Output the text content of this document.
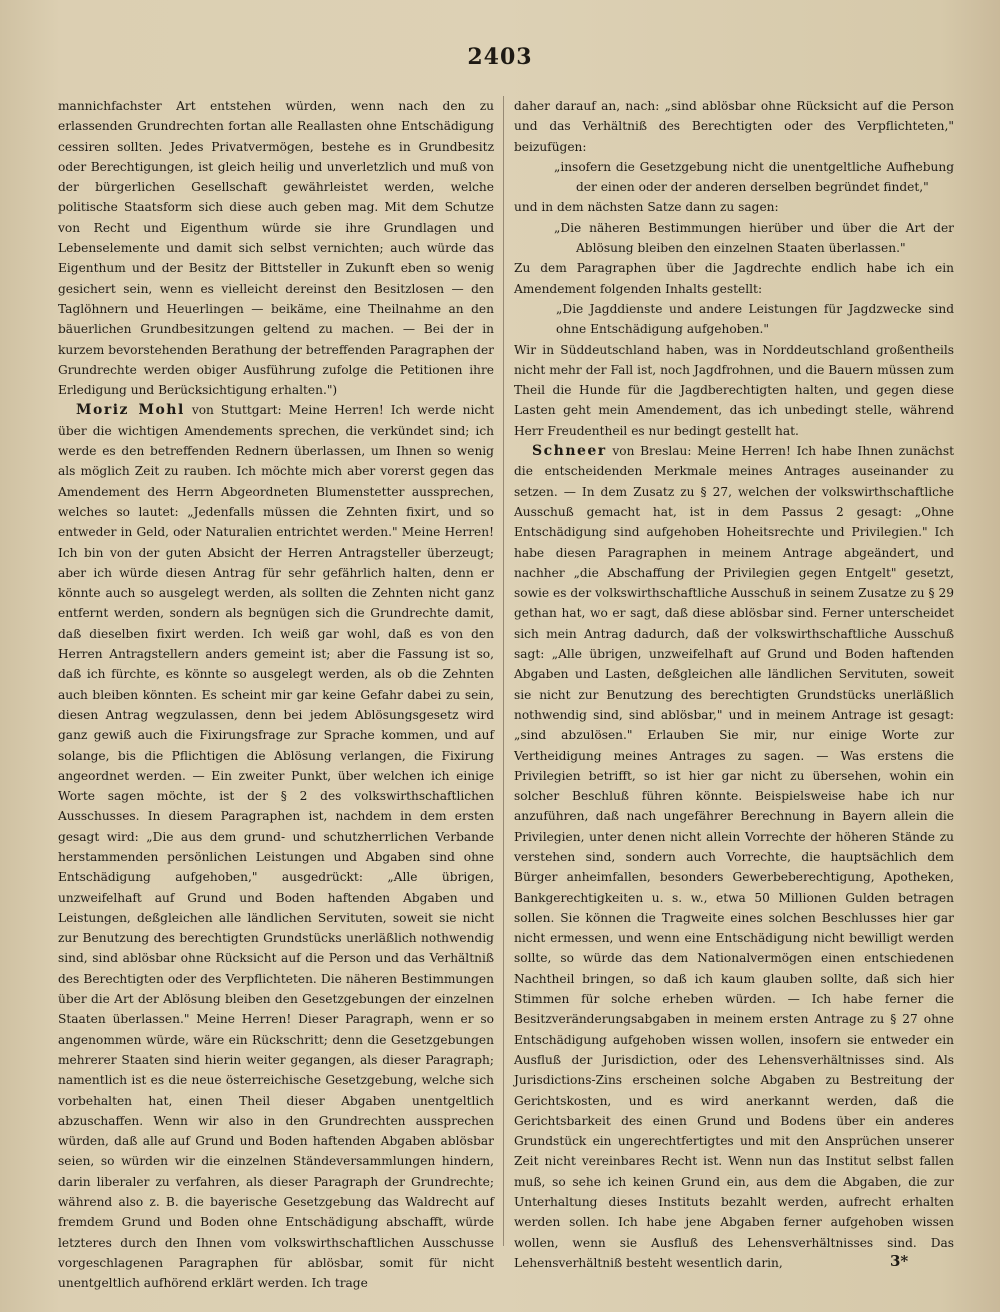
2403

mannichfachster Art entstehen würden, wenn nach den zu erlassenden Grundrechten fortan alle Reallasten ohne Entschädigung cessiren sollten. Jedes Privatvermögen, bestehe es in Grundbesitz oder Berechtigungen, ist gleich heilig und unverletzlich und muß von der bürgerlichen Gesellschaft gewährleistet werden, welche politische Staatsform sich diese auch geben mag. Mit dem Schutze von Recht und Eigenthum würde sie ihre Grundlagen und Lebenselemente und damit sich selbst vernichten; auch würde das Eigenthum und der Besitz der Bittsteller in Zukunft eben so wenig gesichert sein, wenn es vielleicht dereinst den Besitzlosen — den Taglöhnern und Heuerlingen — beikäme, eine Theilnahme an den bäuerlichen Grundbesitzungen geltend zu machen. — Bei der in kurzem bevorstehenden Berathung der betreffenden Paragraphen der Grundrechte werden obiger Ausführung zufolge die Petitionen ihre Erledigung und Berücksichtigung erhalten.")

Moriz Mohl von Stuttgart: Meine Herren! Ich werde nicht über die wichtigen Amendements sprechen, die verkündet sind; ich werde es den betreffenden Rednern überlassen, um Ihnen so wenig als möglich Zeit zu rauben. Ich möchte mich aber vorerst gegen das Amendement des Herrn Abgeordneten Blumenstetter aussprechen, welches so lautet: „Jedenfalls müssen die Zehnten fixirt, und so entweder in Geld, oder Naturalien entrichtet werden." Meine Herren! Ich bin von der guten Absicht der Herren Antragsteller überzeugt; aber ich würde diesen Antrag für sehr gefährlich halten, denn er könnte auch so ausgelegt werden, als sollten die Zehnten nicht ganz entfernt werden, sondern als begnügen sich die Grundrechte damit, daß dieselben fixirt werden. Ich weiß gar wohl, daß es von den Herren Antragstellern anders gemeint ist; aber die Fassung ist so, daß ich fürchte, es könnte so ausgelegt werden, als ob die Zehnten auch bleiben könnten. Es scheint mir gar keine Gefahr dabei zu sein, diesen Antrag wegzulassen, denn bei jedem Ablösungsgesetz wird ganz gewiß auch die Fixirungsfrage zur Sprache kommen, und auf solange, bis die Pflichtigen die Ablösung verlangen, die Fixirung angeordnet werden. — Ein zweiter Punkt, über welchen ich einige Worte sagen möchte, ist der § 2 des volkswirthschaftlichen Ausschusses. In diesem Paragraphen ist, nachdem in dem ersten gesagt wird: „Die aus dem grund- und schutzherrlichen Verbande herstammenden persönlichen Leistungen und Abgaben sind ohne Entschädigung aufgehoben," ausgedrückt: „Alle übrigen, unzweifelhaft auf Grund und Boden haftenden Abgaben und Leistungen, deßgleichen alle ländlichen Servituten, soweit sie nicht zur Benutzung des berechtigten Grundstücks unerläßlich nothwendig sind, sind ablösbar ohne Rücksicht auf die Person und das Verhältniß des Berechtigten oder des Verpflichteten. Die näheren Bestimmungen über die Art der Ablösung bleiben den Gesetzgebungen der einzelnen Staaten überlassen." Meine Herren! Dieser Paragraph, wenn er so angenommen würde, wäre ein Rückschritt; denn die Gesetzgebungen mehrerer Staaten sind hierin weiter gegangen, als dieser Paragraph; namentlich ist es die neue österreichische Gesetzgebung, welche sich vorbehalten hat, einen Theil dieser Abgaben unentgeltlich abzuschaffen. Wenn wir also in den Grundrechten aussprechen würden, daß alle auf Grund und Boden haftenden Abgaben ablösbar seien, so würden wir die einzelnen Ständeversammlungen hindern, darin liberaler zu verfahren, als dieser Paragraph der Grundrechte; während also z. B. die bayerische Gesetzgebung das Waldrecht auf fremdem Grund und Boden ohne Entschädigung abschafft, würde letzteres durch den Ihnen vom volkswirthschaftlichen Ausschusse vorgeschlagenen Paragraphen für ablösbar, somit für nicht unentgeltlich aufhörend erklärt werden. Ich trage

daher darauf an, nach: „sind ablösbar ohne Rücksicht auf die Person und das Verhältniß des Berechtigten oder des Verpflichteten," beizufügen:

„insofern die Gesetzgebung nicht die unentgeltliche Aufhebung der einen oder der anderen derselben begründet findet,"

und in dem nächsten Satze dann zu sagen:

„Die näheren Bestimmungen hierüber und über die Art der Ablösung bleiben den einzelnen Staaten überlassen."

Zu dem Paragraphen über die Jagdrechte endlich habe ich ein Amendement folgenden Inhalts gestellt:

„Die Jagddienste und andere Leistungen für Jagdzwecke sind ohne Entschädigung aufgehoben."

Wir in Süddeutschland haben, was in Norddeutschland großentheils nicht mehr der Fall ist, noch Jagdfrohnen, und die Bauern müssen zum Theil die Hunde für die Jagdberechtigten halten, und gegen diese Lasten geht mein Amendement, das ich unbedingt stelle, während Herr Freudentheil es nur bedingt gestellt hat.

Schneer von Breslau: Meine Herren! Ich habe Ihnen zunächst die entscheidenden Merkmale meines Antrages auseinander zu setzen. — In dem Zusatz zu § 27, welchen der volkswirthschaftliche Ausschuß gemacht hat, ist in dem Passus 2 gesagt: „Ohne Entschädigung sind aufgehoben Hoheitsrechte und Privilegien." Ich habe diesen Paragraphen in meinem Antrage abgeändert, und nachher „die Abschaffung der Privilegien gegen Entgelt" gesetzt, sowie es der volkswirthschaftliche Ausschuß in seinem Zusatze zu § 29 gethan hat, wo er sagt, daß diese ablösbar sind. Ferner unterscheidet sich mein Antrag dadurch, daß der volkswirthschaftliche Ausschuß sagt: „Alle übrigen, unzweifelhaft auf Grund und Boden haftenden Abgaben und Lasten, deßgleichen alle ländlichen Servituten, soweit sie nicht zur Benutzung des berechtigten Grundstücks unerläßlich nothwendig sind, sind ablösbar," und in meinem Antrage ist gesagt: „sind abzulösen." Erlauben Sie mir, nur einige Worte zur Vertheidigung meines Antrages zu sagen. — Was erstens die Privilegien betrifft, so ist hier gar nicht zu übersehen, wohin ein solcher Beschluß führen könnte. Beispielsweise habe ich nur anzuführen, daß nach ungefährer Berechnung in Bayern allein die Privilegien, unter denen nicht allein Vorrechte der höheren Stände zu verstehen sind, sondern auch Vorrechte, die hauptsächlich dem Bürger anheimfallen, besonders Gewerbeberechtigung, Apotheken, Bankgerechtigkeiten u. s. w., etwa 50 Millionen Gulden betragen sollen. Sie können die Tragweite eines solchen Beschlusses hier gar nicht ermessen, und wenn eine Entschädigung nicht bewilligt werden sollte, so würde das dem Nationalvermögen einen entschiedenen Nachtheil bringen, so daß ich kaum glauben sollte, daß sich hier Stimmen für solche erheben würden. — Ich habe ferner die Besitzveränderungsabgaben in meinem ersten Antrage zu § 27 ohne Entschädigung aufgehoben wissen wollen, insofern sie entweder ein Ausfluß der Jurisdiction, oder des Lehensverhältnisses sind. Als Jurisdictions-Zins erscheinen solche Abgaben zu Bestreitung der Gerichtskosten, und es wird anerkannt werden, daß die Gerichtsbarkeit des einen Grund und Bodens über ein anderes Grundstück ein ungerechtfertigtes und mit den Ansprüchen unserer Zeit nicht vereinbares Recht ist. Wenn nun das Institut selbst fallen muß, so sehe ich keinen Grund ein, aus dem die Abgaben, die zur Unterhaltung dieses Instituts bezahlt werden, aufrecht erhalten werden sollen. Ich habe jene Abgaben ferner aufgehoben wissen wollen, wenn sie Ausfluß des Lehensverhältnisses sind. Das Lehensverhältniß besteht wesentlich darin,	3*
